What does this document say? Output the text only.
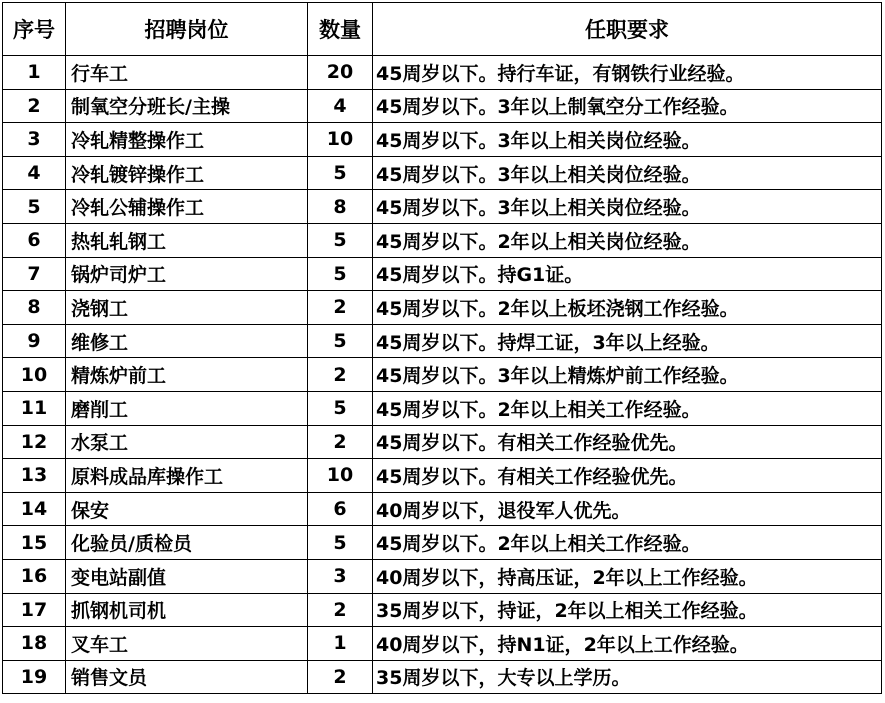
序号	招聘岗位	数量	任职要求
1	行车工	20	45周岁以下。持行车证，有钢铁行业经验。
2	制氧空分班长/主操	4	45周岁以下。3年以上制氧空分工作经验。
3	冷轧精整操作工	10	45周岁以下。3年以上相关岗位经验。
4	冷轧镀锌操作工	5	45周岁以下。3年以上相关岗位经验。
5	冷轧公辅操作工	8	45周岁以下。3年以上相关岗位经验。
6	热轧轧钢工	5	45周岁以下。2年以上相关岗位经验。
7	锅炉司炉工	5	45周岁以下。持G1证。
8	浇钢工	2	45周岁以下。2年以上板坯浇钢工作经验。
9	维修工	5	45周岁以下。持焊工证，3年以上经验。
10	精炼炉前工	2	45周岁以下。3年以上精炼炉前工作经验。
11	磨削工	5	45周岁以下。2年以上相关工作经验。
12	水泵工	2	45周岁以下。有相关工作经验优先。
13	原料成品库操作工	10	45周岁以下。有相关工作经验优先。
14	保安	6	40周岁以下，退役军人优先。
15	化验员/质检员	5	45周岁以下。2年以上相关工作经验。
16	变电站副值	3	40周岁以下，持高压证，2年以上工作经验。
17	抓钢机司机	2	35周岁以下，持证，2年以上相关工作经验。
18	叉车工	1	40周岁以下，持N1证，2年以上工作经验。
19	销售文员	2	35周岁以下，大专以上学历。
